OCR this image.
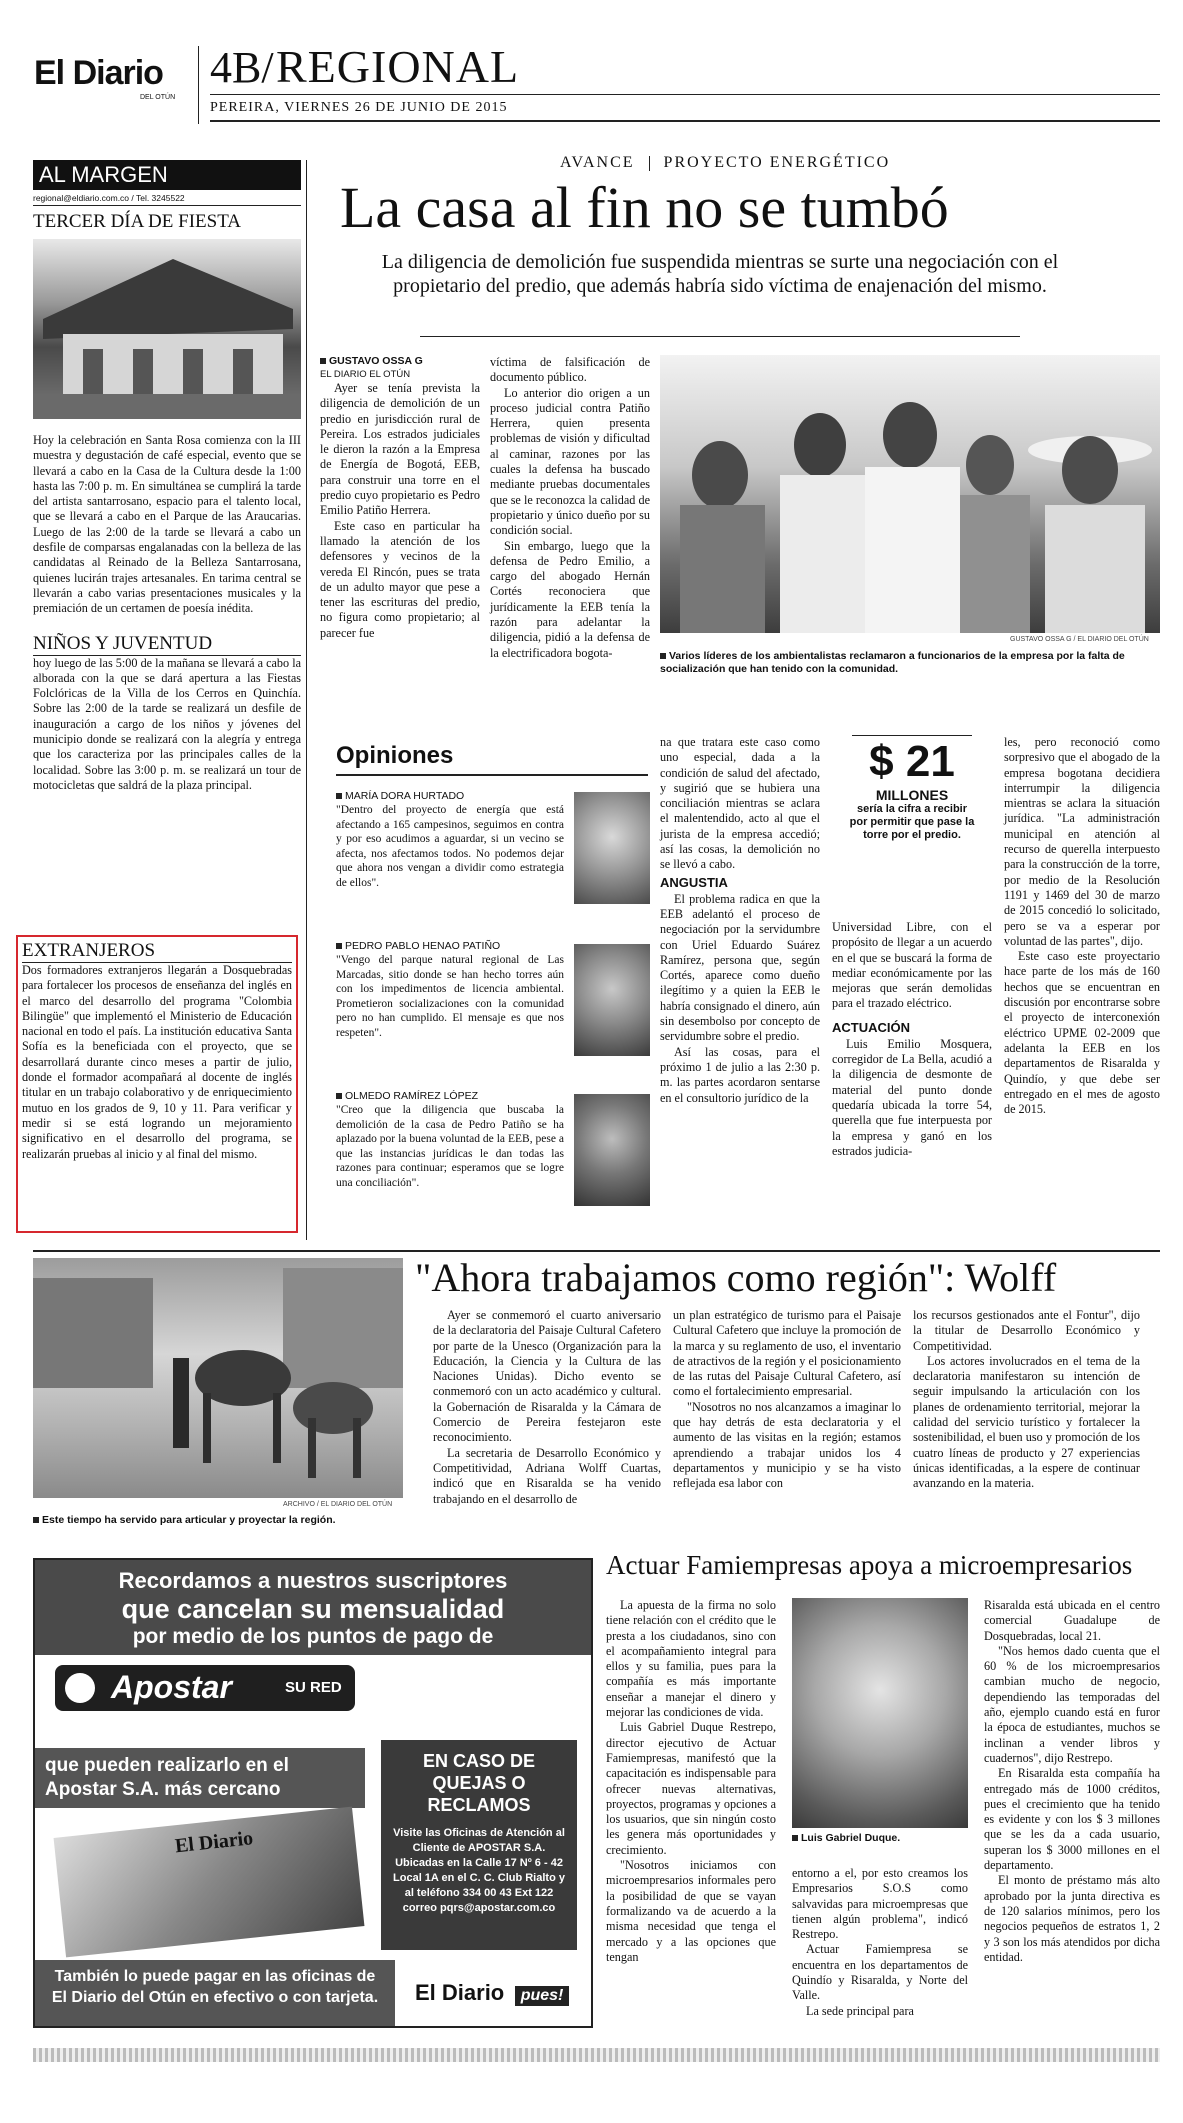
El Diario
DEL OTÚN
4B/ REGIONAL
PEREIRA, VIERNES 26 DE JUNIO DE 2015
AL MARGEN
regional@eldiario.com.co / Tel. 3245522
TERCER DÍA DE FIESTA

Hoy la celebración en Santa Rosa comienza con la III muestra y degustación de café especial, evento que se llevará a cabo en la Casa de la Cultura desde la 1:00 hasta las 7:00 p. m. En simultánea se cumplirá la tarde del artista santarrosano, espacio para el talento local, que se llevará a cabo en el Parque de las Araucarias. Luego de las 2:00 de la tarde se llevará a cabo un desfile de comparsas engalanadas con la belleza de las candidatas al Reinado de la Belleza Santarrosana, quienes lucirán trajes artesanales. En tarima central se llevarán a cabo varias presentaciones musicales y la premiación de un certamen de poesía inédita.

NIÑOS Y JUVENTUD

hoy luego de las 5:00 de la mañana se llevará a cabo la alborada con la que se dará apertura a las Fiestas Folclóricas de la Villa de los Cerros en Quinchía. Sobre las 2:00 de la tarde se realizará un desfile de inauguración a cargo de los niños y jóvenes del municipio donde se realizará con la alegría y entrega que los caracteriza por las principales calles de la localidad. Sobre las 3:00 p. m. se realizará un tour de motocicletas que saldrá de la plaza principal.

EXTRANJEROS

Dos formadores extranjeros llegarán a Dosquebradas para fortalecer los procesos de enseñanza del inglés en el marco del desarrollo del programa "Colombia Bilingüe" que implementó el Ministerio de Educación nacional en todo el país. La institución educativa Santa Sofía es la beneficiada con el proyecto, que se desarrollará durante cinco meses a partir de julio, donde el formador acompañará al docente de inglés titular en un trabajo colaborativo y de enriquecimiento mutuo en los grados de 9, 10 y 11. Para verificar y medir si se está logrando un mejoramiento significativo en el desarrollo del programa, se realizarán pruebas al inicio y al final del mismo.

AVANCE PROYECTO ENERGÉTICO
La casa al fin no se tumbó
La diligencia de demolición fue suspendida mientras se surte una negociación con el propietario del predio, que además habría sido víctima de enajenación del mismo.
GUSTAVO OSSA G
EL DIARIO EL OTÚN

Ayer se tenía prevista la diligencia de demolición de un predio en jurisdicción rural de Pereira. Los estrados judiciales le dieron la razón a la Empresa de Energía de Bogotá, EEB, para construir una torre en el predio cuyo propietario es Pedro Emilio Patiño Herrera.

Este caso en particular ha llamado la atención de los defensores y vecinos de la vereda El Rincón, pues se trata de un adulto mayor que pese a tener las escrituras del predio, no figura como propietario; al parecer fue

víctima de falsificación de documento público.

Lo anterior dio origen a un proceso judicial contra Patiño Herrera, quien presenta problemas de visión y dificultad al caminar, razones por las cuales la defensa ha buscado mediante pruebas documentales que se le reconozca la calidad de propietario y único dueño por su condición social.

Sin embargo, luego que la defensa de Pedro Emilio, a cargo del abogado Hernán Cortés reconociera que jurídicamente la EEB tenía la razón para adelantar la diligencia, pidió a la defensa de la electrificadora bogota-

GUSTAVO OSSA G / EL DIARIO DEL OTÚN
Varios líderes de los ambientalistas reclamaron a funcionarios de la empresa por la falta de socialización que han tenido con la comunidad.
Opiniones
MARÍA DORA HURTADO

"Dentro del proyecto de energía que está afectando a 165 campesinos, seguimos en contra y por eso acudimos a aguardar, si un vecino se afecta, nos afectamos todos. No podemos dejar que ahora nos vengan a dividir como estrategia de ellos".

PEDRO PABLO HENAO PATIÑO

"Vengo del parque natural regional de Las Marcadas, sitio donde se han hecho torres aún con los impedimentos de licencia ambiental. Prometieron socializaciones con la comunidad pero no han cumplido. El mensaje es que nos respeten".

OLMEDO RAMÍREZ LÓPEZ

"Creo que la diligencia que buscaba la demolición de la casa de Pedro Patiño se ha aplazado por la buena voluntad de la EEB, pese a que las instancias jurídicas le dan todas las razones para continuar; esperamos que se logre una conciliación".

na que tratara este caso como uno especial, dada a la condición de salud del afectado, y sugirió que se hubiera una conciliación mientras se aclara el malentendido, acto al que el jurista de la empresa accedió; así las cosas, la demolición no se llevó a cabo.

ANGUSTIA

El problema radica en que la EEB adelantó el proceso de negociación por la servidumbre con Uriel Eduardo Suárez Ramírez, persona que, según Cortés, aparece como dueño ilegítimo y a quien la EEB le habría consignado el dinero, aún sin desembolso por concepto de servidumbre sobre el predio.

Así las cosas, para el próximo 1 de julio a las 2:30 p. m. las partes acordaron sentarse en el consultorio jurídico de la

$ 21
MILLONES
sería la cifra a recibir por permitir que pase la torre por el predio.

Universidad Libre, con el propósito de llegar a un acuerdo en el que se buscará la forma de mediar económicamente por las mejoras que serán demolidas para el trazado eléctrico.

ACTUACIÓN

Luis Emilio Mosquera, corregidor de La Bella, acudió a la diligencia de desmonte de material del punto donde quedaría ubicada la torre 54, querella que fue interpuesta por la empresa y ganó en los estrados judicia-

les, pero reconoció como sorpresivo que el abogado de la empresa bogotana decidiera interrumpir la diligencia mientras se aclara la situación jurídica. "La administración municipal en atención al recurso de querella interpuesto para la construcción de la torre, por medio de la Resolución 1191 y 1469 del 30 de marzo de 2015 concedió lo solicitado, pero se va a esperar por voluntad de las partes", dijo.

Este caso este proyectario hace parte de los más de 160 hechos que se encuentran en discusión por encontrarse sobre el proyecto de interconexión eléctrico UPME 02-2009 que adelanta la EEB en los departamentos de Risaralda y Quindío, y que debe ser entregado en el mes de agosto de 2015.

ARCHIVO / EL DIARIO DEL OTÚN
Este tiempo ha servido para articular y proyectar la región.
"Ahora trabajamos como región": Wolff

Ayer se conmemoró el cuarto aniversario de la declaratoria del Paisaje Cultural Cafetero por parte de la Unesco (Organización para la Educación, la Ciencia y la Cultura de las Naciones Unidas). Dicho evento se conmemoró con un acto académico y cultural. la Gobernación de Risaralda y la Cámara de Comercio de Pereira festejaron este reconocimiento.

La secretaria de Desarrollo Económico y Competitividad, Adriana Wolff Cuartas, indicó que en Risaralda se ha venido trabajando en el desarrollo de

un plan estratégico de turismo para el Paisaje Cultural Cafetero que incluye la promoción de la marca y su reglamento de uso, el inventario de atractivos de la región y el posicionamiento de las rutas del Paisaje Cultural Cafetero, así como el fortalecimiento empresarial.

"Nosotros no nos alcanzamos a imaginar lo que hay detrás de esta declaratoria y el aumento de las visitas en la región; estamos aprendiendo a trabajar unidos los 4 departamentos y municipio y se ha visto reflejada esa labor con

los recursos gestionados ante el Fontur", dijo la titular de Desarrollo Económico y Competitividad.

Los actores involucrados en el tema de la declaratoria manifestaron su intención de seguir impulsando la articulación con los planes de ordenamiento territorial, mejorar la calidad del servicio turístico y fortalecer la sostenibilidad, el buen uso y promoción de los cuatro líneas de producto y 27 experiencias únicas identificadas, a la espere de continuar avanzando en la materia.

Recordamos a nuestros suscriptores
que cancelan su mensualidad
por medio de los puntos de pago de
Apostar	SU RED
que pueden realizarlo en el Apostar S.A. más cercano
El Diario
EN CASO DE QUEJAS O RECLAMOS
Visite las Oficinas de Atención al Cliente de APOSTAR S.A. Ubicadas en la Calle 17 Nº 6 - 42 Local 1A en el C. C. Club Rialto y al teléfono 334 00 43 Ext 122 correo pqrs@apostar.com.co
También lo puede pagar en las oficinas de El Diario del Otún en efectivo o con tarjeta.	El Diario pues!
Actuar Famiempresas apoya a microempresarios

La apuesta de la firma no solo tiene relación con el crédito que le presta a los ciudadanos, sino con el acompañamiento integral para ellos y su familia, pues para la compañía es más importante enseñar a manejar el dinero y mejorar las condiciones de vida.

Luis Gabriel Duque Restrepo, director ejecutivo de Actuar Famiempresas, manifestó que la capacitación es indispensable para ofrecer nuevas alternativas, proyectos, programas y opciones a los usuarios, que sin ningún costo les genera más oportunidades y crecimiento.

"Nosotros iniciamos con microempresarios informales pero la posibilidad de que se vayan formalizando va de acuerdo a la misma necesidad que tenga el mercado y a las opciones que tengan

Luis Gabriel Duque.

entorno a el, por esto creamos los Empresarios S.O.S como salvavidas para microempresas que tienen algún problema", indicó Restrepo.

Actuar Famiempresa se encuentra en los departamentos de Quindío y Risaralda, y Norte del Valle.

La sede principal para

Risaralda está ubicada en el centro comercial Guadalupe de Dosquebradas, local 21.

"Nos hemos dado cuenta que el 60 % de los microempresarios cambian mucho de negocio, dependiendo las temporadas del año, ejemplo cuando está en furor la época de estudiantes, muchos se inclinan a vender libros y cuadernos", dijo Restrepo.

En Risaralda esta compañía ha entregado más de 1000 créditos, pues el crecimiento que ha tenido es evidente y con los $ 3 millones que se les da a cada usuario, superan los $ 3000 millones en el departamento.

El monto de préstamo más alto aprobado por la junta directiva es de 120 salarios mínimos, pero los negocios pequeños de estratos 1, 2 y 3 son los más atendidos por dicha entidad.
